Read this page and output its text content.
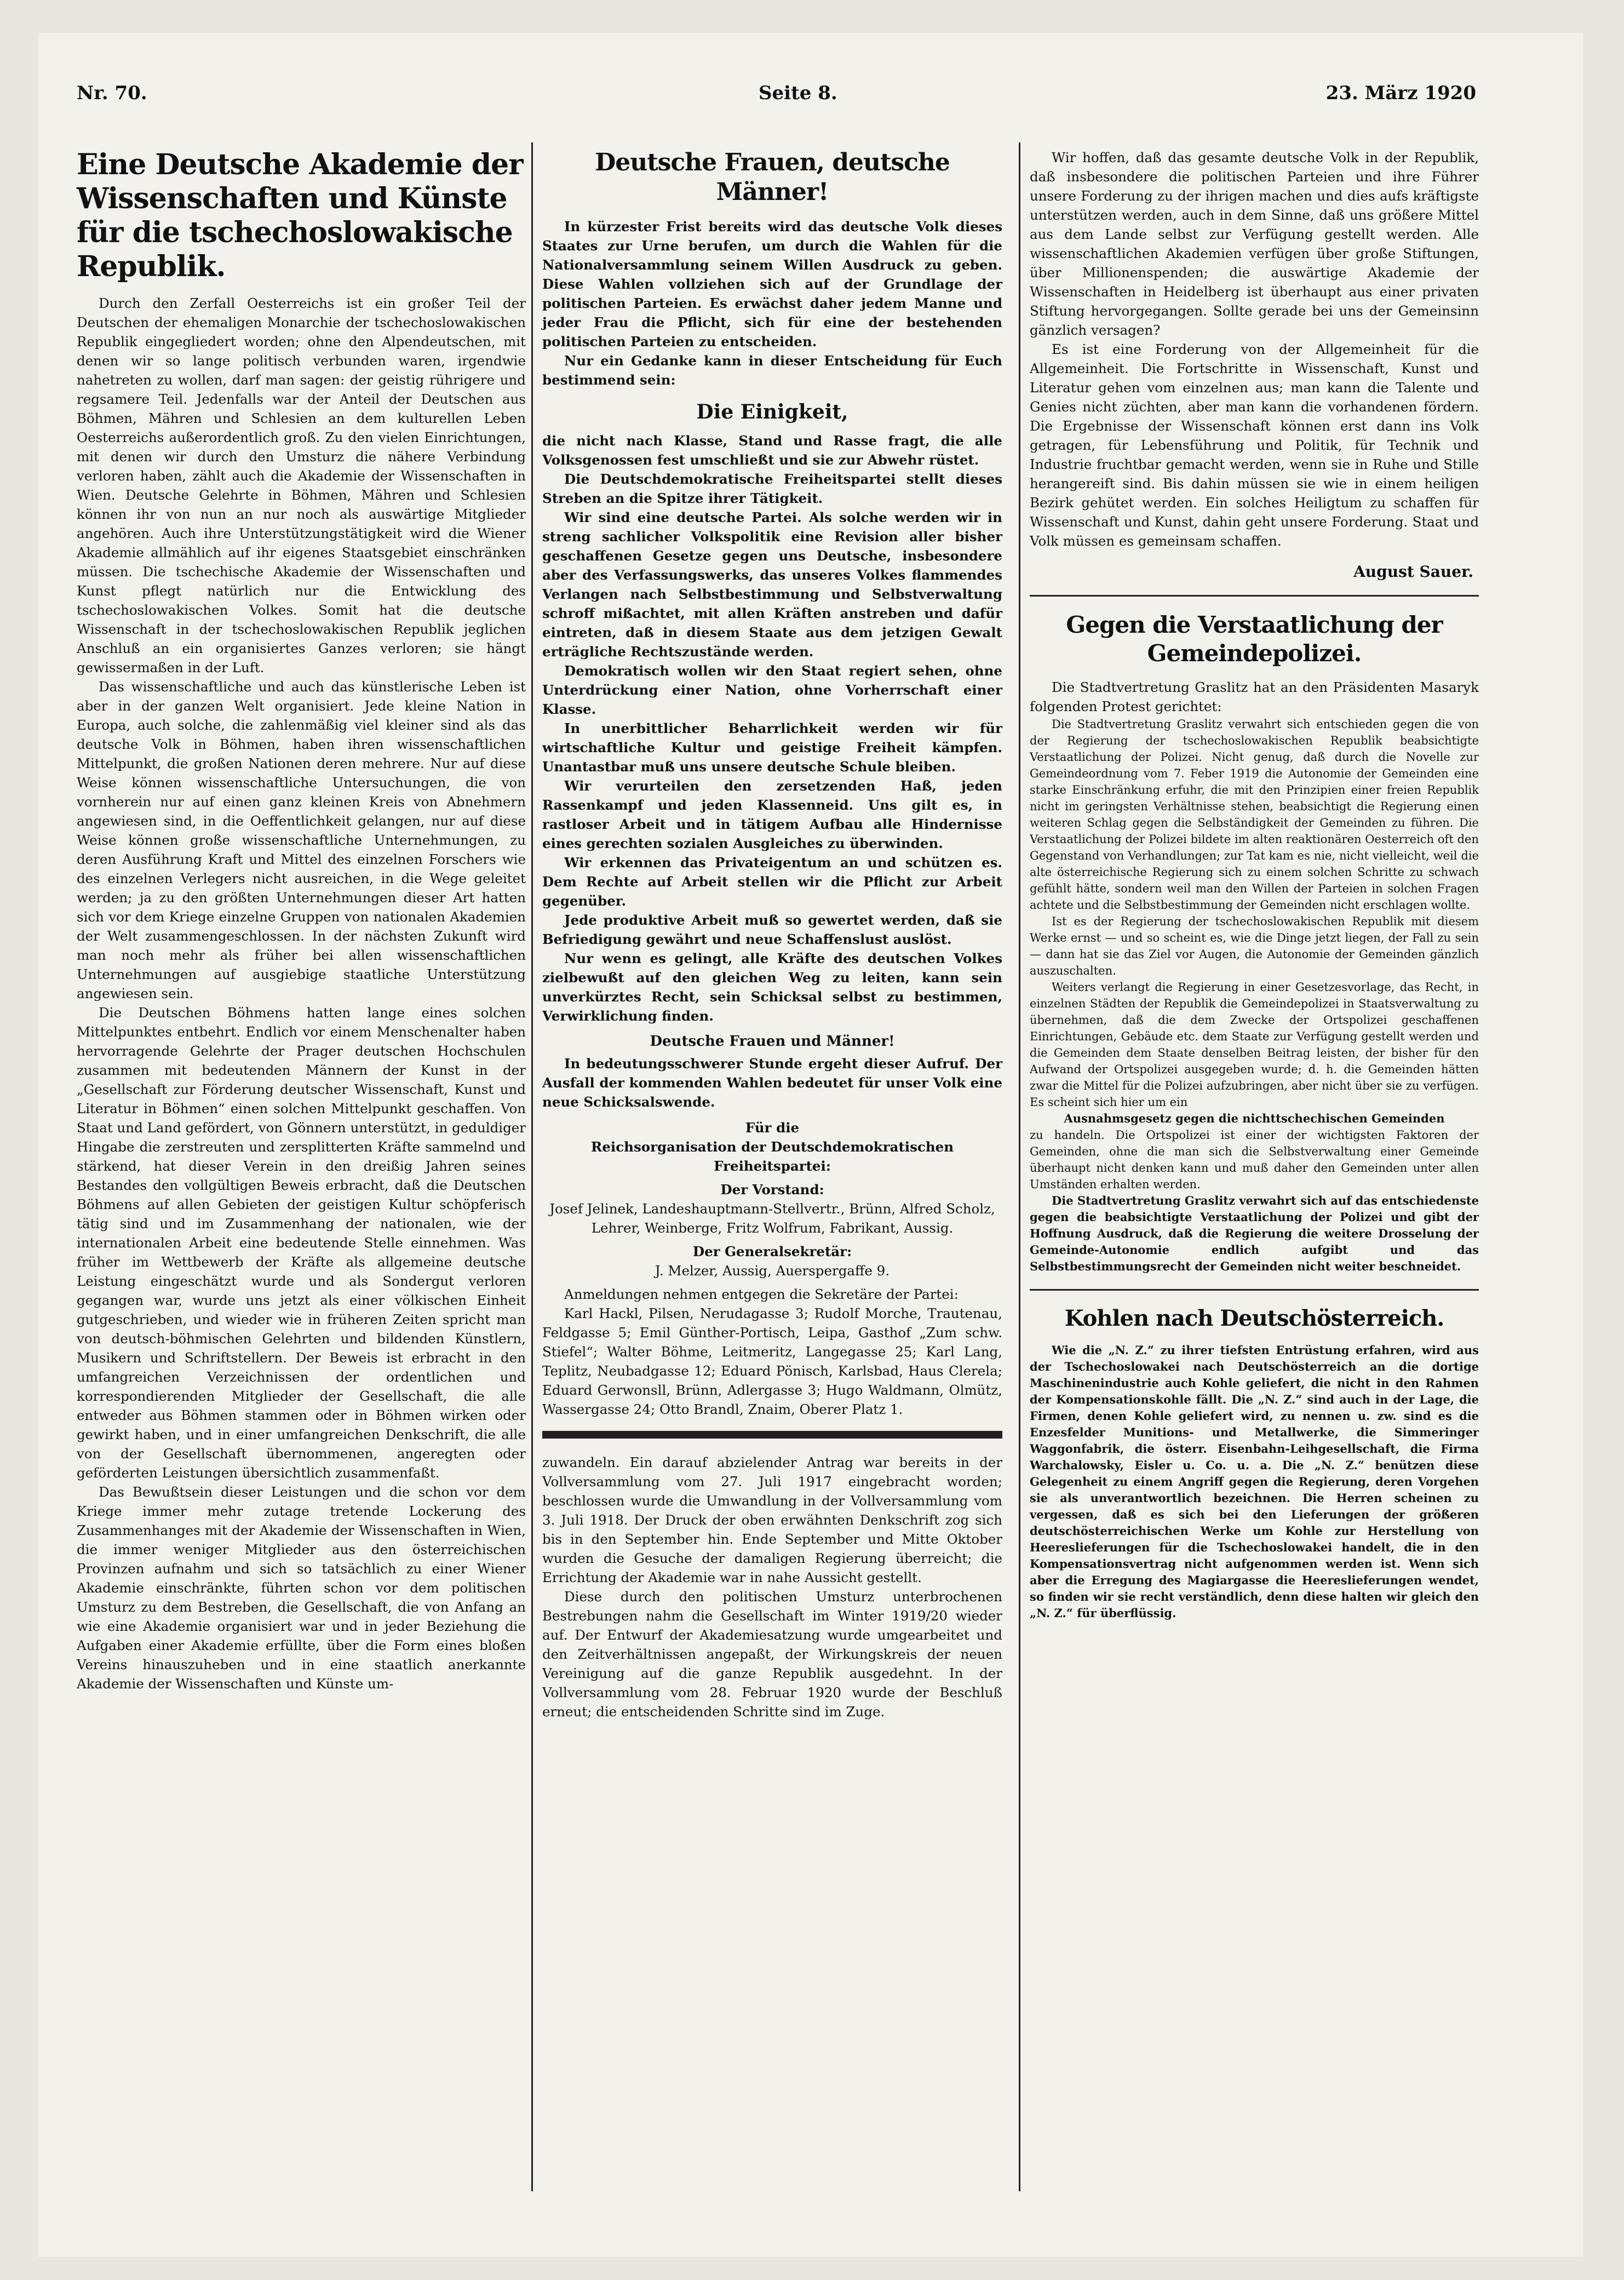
Nr. 70.	Seite 8.	23. März 1920
Eine Deutsche Akademie der Wissenschaften und Künste für die tschechoslowakische Republik.

Durch den Zerfall Oesterreichs ist ein großer Teil der Deutschen der ehemaligen Monarchie der tschechoslowakischen Republik eingegliedert worden; ohne den Alpendeutschen, mit denen wir so lange politisch verbunden waren, irgendwie nahetreten zu wollen, darf man sagen: der geistig rührigere und regsamere Teil. Jedenfalls war der Anteil der Deutschen aus Böhmen, Mähren und Schlesien an dem kulturellen Leben Oesterreichs außerordentlich groß. Zu den vielen Einrichtungen, mit denen wir durch den Umsturz die nähere Verbindung verloren haben, zählt auch die Akademie der Wissenschaften in Wien. Deutsche Gelehrte in Böhmen, Mähren und Schlesien können ihr von nun an nur noch als auswärtige Mitglieder angehören. Auch ihre Unterstützungstätigkeit wird die Wiener Akademie allmählich auf ihr eigenes Staatsgebiet einschränken müssen. Die tschechische Akademie der Wissenschaften und Kunst pflegt natürlich nur die Entwicklung des tschechoslowakischen Volkes. Somit hat die deutsche Wissenschaft in der tschechoslowakischen Republik jeglichen Anschluß an ein organisiertes Ganzes verloren; sie hängt gewissermaßen in der Luft.

Das wissenschaftliche und auch das künstlerische Leben ist aber in der ganzen Welt organisiert. Jede kleine Nation in Europa, auch solche, die zahlenmäßig viel kleiner sind als das deutsche Volk in Böhmen, haben ihren wissenschaftlichen Mittelpunkt, die großen Nationen deren mehrere. Nur auf diese Weise können wissenschaftliche Untersuchungen, die von vornherein nur auf einen ganz kleinen Kreis von Abnehmern angewiesen sind, in die Oeffentlichkeit gelangen, nur auf diese Weise können große wissenschaftliche Unternehmungen, zu deren Ausführung Kraft und Mittel des einzelnen Forschers wie des einzelnen Verlegers nicht ausreichen, in die Wege geleitet werden; ja zu den größten Unternehmungen dieser Art hatten sich vor dem Kriege einzelne Gruppen von nationalen Akademien der Welt zusammengeschlossen. In der nächsten Zukunft wird man noch mehr als früher bei allen wissenschaftlichen Unternehmungen auf ausgiebige staatliche Unterstützung angewiesen sein.

Die Deutschen Böhmens hatten lange eines solchen Mittelpunktes entbehrt. Endlich vor einem Menschenalter haben hervorragende Gelehrte der Prager deutschen Hochschulen zusammen mit bedeutenden Männern der Kunst in der „Gesellschaft zur Förderung deutscher Wissenschaft, Kunst und Literatur in Böhmen“ einen solchen Mittelpunkt geschaffen. Von Staat und Land gefördert, von Gönnern unterstützt, in geduldiger Hingabe die zerstreuten und zersplitterten Kräfte sammelnd und stärkend, hat dieser Verein in den dreißig Jahren seines Bestandes den vollgültigen Beweis erbracht, daß die Deutschen Böhmens auf allen Gebieten der geistigen Kultur schöpferisch tätig sind und im Zusammenhang der nationalen, wie der internationalen Arbeit eine bedeutende Stelle einnehmen. Was früher im Wettbewerb der Kräfte als allgemeine deutsche Leistung eingeschätzt wurde und als Sondergut verloren gegangen war, wurde uns jetzt als einer völkischen Einheit gutgeschrieben, und wieder wie in früheren Zeiten spricht man von deutsch-böhmischen Gelehrten und bildenden Künstlern, Musikern und Schriftstellern. Der Beweis ist erbracht in den umfangreichen Verzeichnissen der ordentlichen und korrespondierenden Mitglieder der Gesellschaft, die alle entweder aus Böhmen stammen oder in Böhmen wirken oder gewirkt haben, und in einer umfangreichen Denkschrift, die alle von der Gesellschaft übernommenen, angeregten oder geförderten Leistungen übersichtlich zusammenfaßt.

Das Bewußtsein dieser Leistungen und die schon vor dem Kriege immer mehr zutage tretende Lockerung des Zusammenhanges mit der Akademie der Wissenschaften in Wien, die immer weniger Mitglieder aus den österreichischen Provinzen aufnahm und sich so tatsächlich zu einer Wiener Akademie einschränkte, führten schon vor dem politischen Umsturz zu dem Bestreben, die Gesellschaft, die von Anfang an wie eine Akademie organisiert war und in jeder Beziehung die Aufgaben einer Akademie erfüllte, über die Form eines bloßen Vereins hinauszuheben und in eine staatlich anerkannte Akademie der Wissenschaften und Künste um-

Deutsche Frauen, deutsche Männer!

In kürzester Frist bereits wird das deutsche Volk dieses Staates zur Urne berufen, um durch die Wahlen für die Nationalversammlung seinem Willen Ausdruck zu geben. Diese Wahlen vollziehen sich auf der Grundlage der politischen Parteien. Es erwächst daher jedem Manne und jeder Frau die Pflicht, sich für eine der bestehenden politischen Parteien zu entscheiden.

Nur ein Gedanke kann in dieser Entscheidung für Euch bestimmend sein:

Die Einigkeit,

die nicht nach Klasse, Stand und Rasse fragt, die alle Volksgenossen fest umschließt und sie zur Abwehr rüstet.

Die Deutschdemokratische Freiheitspartei stellt dieses Streben an die Spitze ihrer Tätigkeit.

Wir sind eine deutsche Partei. Als solche werden wir in streng sachlicher Volkspolitik eine Revision aller bisher geschaffenen Gesetze gegen uns Deutsche, insbesondere aber des Verfassungswerks, das unseres Volkes flammendes Verlangen nach Selbstbestimmung und Selbstverwaltung schroff mißachtet, mit allen Kräften anstreben und dafür eintreten, daß in diesem Staate aus dem jetzigen Gewalt erträgliche Rechtszustände werden.

Demokratisch wollen wir den Staat regiert sehen, ohne Unterdrückung einer Nation, ohne Vorherrschaft einer Klasse.

In unerbittlicher Beharrlichkeit werden wir für wirtschaftliche Kultur und geistige Freiheit kämpfen. Unantastbar muß uns unsere deutsche Schule bleiben.

Wir verurteilen den zersetzenden Haß, jeden Rassenkampf und jeden Klassenneid. Uns gilt es, in rastloser Arbeit und in tätigem Aufbau alle Hindernisse eines gerechten sozialen Ausgleiches zu überwinden.

Wir erkennen das Privateigentum an und schützen es. Dem Rechte auf Arbeit stellen wir die Pflicht zur Arbeit gegenüber.

Jede produktive Arbeit muß so gewertet werden, daß sie Befriedigung gewährt und neue Schaffenslust auslöst.

Nur wenn es gelingt, alle Kräfte des deutschen Volkes zielbewußt auf den gleichen Weg zu leiten, kann sein unverkürztes Recht, sein Schicksal selbst zu bestimmen, Verwirklichung finden.

Deutsche Frauen und Männer!

In bedeutungsschwerer Stunde ergeht dieser Aufruf. Der Ausfall der kommenden Wahlen bedeutet für unser Volk eine neue Schicksalswende.

Für die

Reichsorganisation der Deutschdemokratischen Freiheitspartei:

Der Vorstand:

Josef Jelinek, Landeshauptmann-Stellvertr., Brünn, Alfred Scholz, Lehrer, Weinberge, Fritz Wolfrum, Fabrikant, Aussig.

Der Generalsekretär:

J. Melzer, Aussig, Auerspergaffe 9.

Anmeldungen nehmen entgegen die Sekretäre der Partei:

Karl Hackl, Pilsen, Nerudagasse 3; Rudolf Morche, Trautenau, Feldgasse 5; Emil Günther-Portisch, Leipa, Gasthof „Zum schw. Stiefel“; Walter Böhme, Leitmeritz, Langegasse 25; Karl Lang, Teplitz, Neubadgasse 12; Eduard Pönisch, Karlsbad, Haus Clerela; Eduard Gerwonsll, Brünn, Adlergasse 3; Hugo Waldmann, Olmütz, Wassergasse 24; Otto Brandl, Znaim, Oberer Platz 1.

zuwandeln. Ein darauf abzielender Antrag war bereits in der Vollversammlung vom 27. Juli 1917 eingebracht worden; beschlossen wurde die Umwandlung in der Vollversammlung vom 3. Juli 1918. Der Druck der oben erwähnten Denkschrift zog sich bis in den September hin. Ende September und Mitte Oktober wurden die Gesuche der damaligen Regierung überreicht; die Errichtung der Akademie war in nahe Aussicht gestellt.

Diese durch den politischen Umsturz unterbrochenen Bestrebungen nahm die Gesellschaft im Winter 1919/20 wieder auf. Der Entwurf der Akademiesatzung wurde umgearbeitet und den Zeitverhältnissen angepaßt, der Wirkungskreis der neuen Vereinigung auf die ganze Republik ausgedehnt. In der Vollversammlung vom 28. Februar 1920 wurde der Beschluß erneut; die entscheidenden Schritte sind im Zuge.

Wir hoffen, daß das gesamte deutsche Volk in der Republik, daß insbesondere die politischen Parteien und ihre Führer unsere Forderung zu der ihrigen machen und dies aufs kräftigste unterstützen werden, auch in dem Sinne, daß uns größere Mittel aus dem Lande selbst zur Verfügung gestellt werden. Alle wissenschaftlichen Akademien verfügen über große Stiftungen, über Millionenspenden; die auswärtige Akademie der Wissenschaften in Heidelberg ist überhaupt aus einer privaten Stiftung hervorgegangen. Sollte gerade bei uns der Gemeinsinn gänzlich versagen?

Es ist eine Forderung von der Allgemeinheit für die Allgemeinheit. Die Fortschritte in Wissenschaft, Kunst und Literatur gehen vom einzelnen aus; man kann die Talente und Genies nicht züchten, aber man kann die vorhandenen fördern. Die Ergebnisse der Wissenschaft können erst dann ins Volk getragen, für Lebensführung und Politik, für Technik und Industrie fruchtbar gemacht werden, wenn sie in Ruhe und Stille herangereift sind. Bis dahin müssen sie wie in einem heiligen Bezirk gehütet werden. Ein solches Heiligtum zu schaffen für Wissenschaft und Kunst, dahin geht unsere Forderung. Staat und Volk müssen es gemeinsam schaffen.

August Sauer.
Gegen die Verstaatlichung der Gemeindepolizei.

Die Stadtvertretung Graslitz hat an den Präsidenten Masaryk folgenden Protest gerichtet:

Die Stadtvertretung Graslitz verwahrt sich entschieden gegen die von der Regierung der tschechoslowakischen Republik beabsichtigte Verstaatlichung der Polizei. Nicht genug, daß durch die Novelle zur Gemeindeordnung vom 7. Feber 1919 die Autonomie der Gemeinden eine starke Einschränkung erfuhr, die mit den Prinzipien einer freien Republik nicht im geringsten Verhältnisse stehen, beabsichtigt die Regierung einen weiteren Schlag gegen die Selbständigkeit der Gemeinden zu führen. Die Verstaatlichung der Polizei bildete im alten reaktionären Oesterreich oft den Gegenstand von Verhandlungen; zur Tat kam es nie, nicht vielleicht, weil die alte österreichische Regierung sich zu einem solchen Schritte zu schwach gefühlt hätte, sondern weil man den Willen der Parteien in solchen Fragen achtete und die Selbstbestimmung der Gemeinden nicht erschlagen wollte.

Ist es der Regierung der tschechoslowakischen Republik mit diesem Werke ernst — und so scheint es, wie die Dinge jetzt liegen, der Fall zu sein — dann hat sie das Ziel vor Augen, die Autonomie der Gemeinden gänzlich auszuschalten.

Weiters verlangt die Regierung in einer Gesetzesvorlage, das Recht, in einzelnen Städten der Republik die Gemeindepolizei in Staatsverwaltung zu übernehmen, daß die dem Zwecke der Ortspolizei geschaffenen Einrichtungen, Gebäude etc. dem Staate zur Verfügung gestellt werden und die Gemeinden dem Staate denselben Beitrag leisten, der bisher für den Aufwand der Ortspolizei ausgegeben wurde; d. h. die Gemeinden hätten zwar die Mittel für die Polizei aufzubringen, aber nicht über sie zu verfügen. Es scheint sich hier um ein

Ausnahmsgesetz gegen die nichttschechischen Gemeinden

zu handeln. Die Ortspolizei ist einer der wichtigsten Faktoren der Gemeinden, ohne die man sich die Selbstverwaltung einer Gemeinde überhaupt nicht denken kann und muß daher den Gemeinden unter allen Umständen erhalten werden.

Die Stadtvertretung Graslitz verwahrt sich auf das entschiedenste gegen die beabsichtigte Verstaatlichung der Polizei und gibt der Hoffnung Ausdruck, daß die Regierung die weitere Drosselung der Gemeinde-Autonomie endlich aufgibt und das Selbstbestimmungsrecht der Gemeinden nicht weiter beschneidet.

Kohlen nach Deutschösterreich.

Wie die „N. Z.“ zu ihrer tiefsten Entrüstung erfahren, wird aus der Tschechoslowakei nach Deutschösterreich an die dortige Maschinenindustrie auch Kohle geliefert, die nicht in den Rahmen der Kompensationskohle fällt. Die „N. Z.“ sind auch in der Lage, die Firmen, denen Kohle geliefert wird, zu nennen u. zw. sind es die Enzesfelder Munitions- und Metallwerke, die Simmeringer Waggonfabrik, die österr. Eisenbahn-Leihgesellschaft, die Firma Warchalowsky, Eisler u. Co. u. a. Die „N. Z.“ benützen diese Gelegenheit zu einem Angriff gegen die Regierung, deren Vorgehen sie als unverantwortlich bezeichnen. Die Herren scheinen zu vergessen, daß es sich bei den Lieferungen der größeren deutschösterreichischen Werke um Kohle zur Herstellung von Heereslieferungen für die Tschechoslowakei handelt, die in den Kompensationsvertrag nicht aufgenommen werden ist. Wenn sich aber die Erregung des Magiargasse die Heereslieferungen wendet, so finden wir sie recht verständlich, denn diese halten wir gleich den „N. Z.“ für überflüssig.
